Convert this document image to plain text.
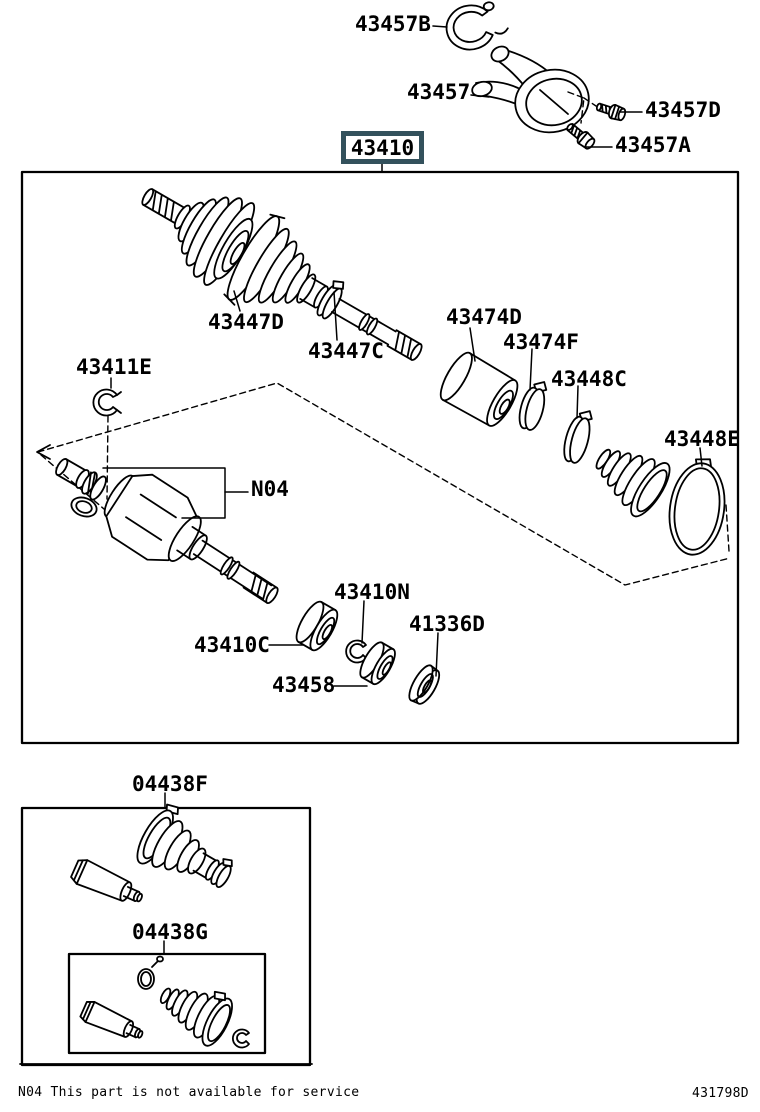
43410
43457B
43457
43457D
43457A
43447D
43447C
43474D
43474F
43448C
43448E
43411E
N04
43410N
41336D
43410C
43458
04438F
04438G
N04 This part is not available for service	431798D
